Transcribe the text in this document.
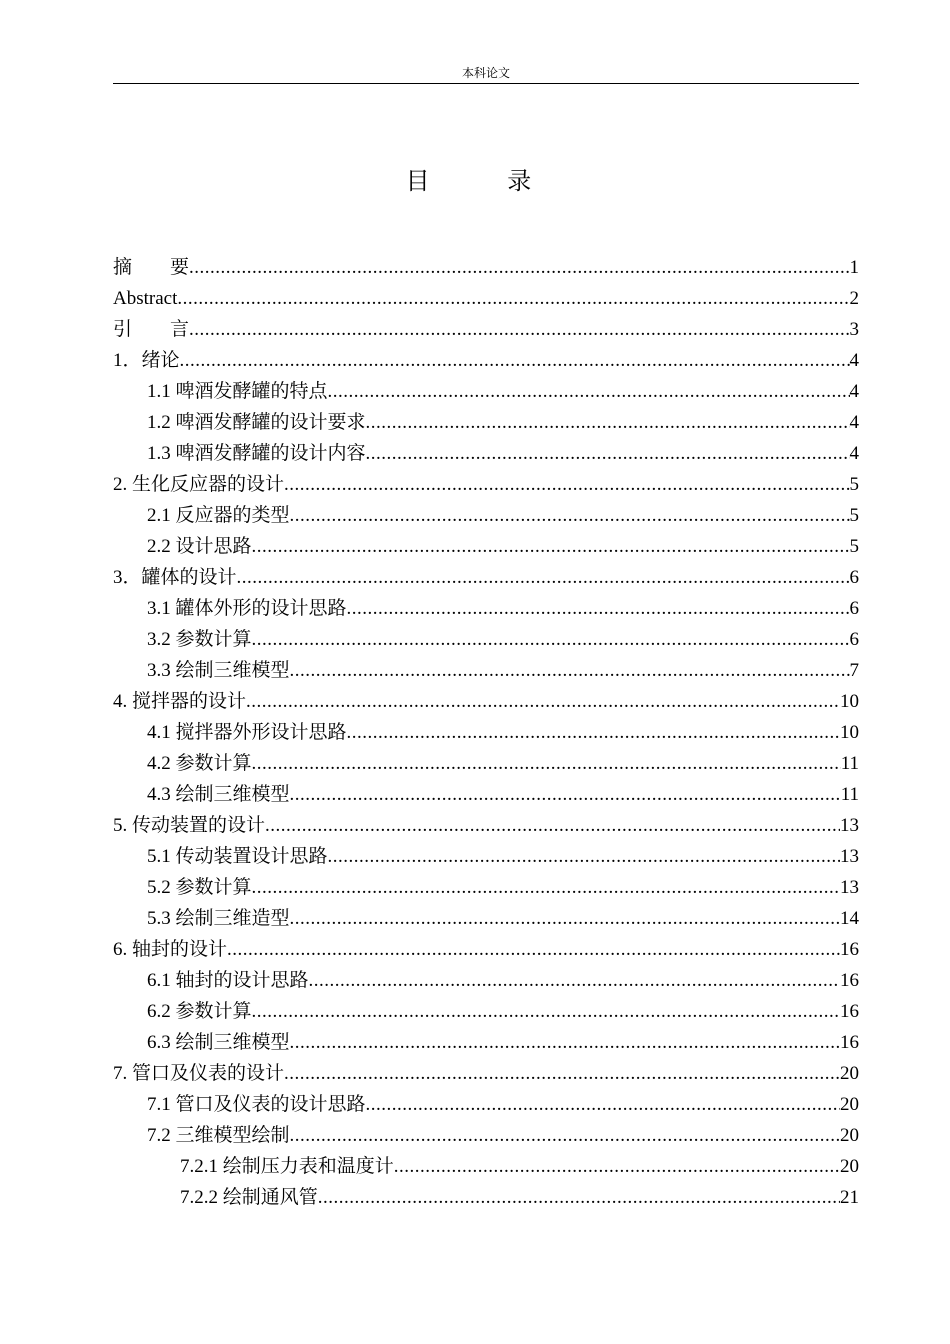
本科论文
目 录
摘要 .....	1
Abstract .....	2
引言 .....	3
1．绪论 .....	4
1.1 啤酒发酵罐的特点 .....	4
1.2 啤酒发酵罐的设计要求 .....	4
1.3 啤酒发酵罐的设计内容 .....	4
2. 生化反应器的设计 .....	5
2.1 反应器的类型 .....	5
2.2 设计思路 .....	5
3．罐体的设计 .....	6
3.1 罐体外形的设计思路 .....	6
3.2 参数计算 .....	6
3.3 绘制三维模型 .....	7
4. 搅拌器的设计 .....	10
4.1 搅拌器外形设计思路 .....	10
4.2 参数计算 .....	11
4.3 绘制三维模型 .....	11
5. 传动装置的设计 .....	13
5.1 传动装置设计思路 .....	13
5.2 参数计算 .....	13
5.3 绘制三维造型 .....	14
6. 轴封的设计 .....	16
6.1 轴封的设计思路 .....	16
6.2 参数计算 .....	16
6.3 绘制三维模型 .....	16
7. 管口及仪表的设计 .....	20
7.1 管口及仪表的设计思路 .....	20
7.2 三维模型绘制 .....	20
7.2.1 绘制压力表和温度计 .....	20
7.2.2 绘制通风管 .....	21
